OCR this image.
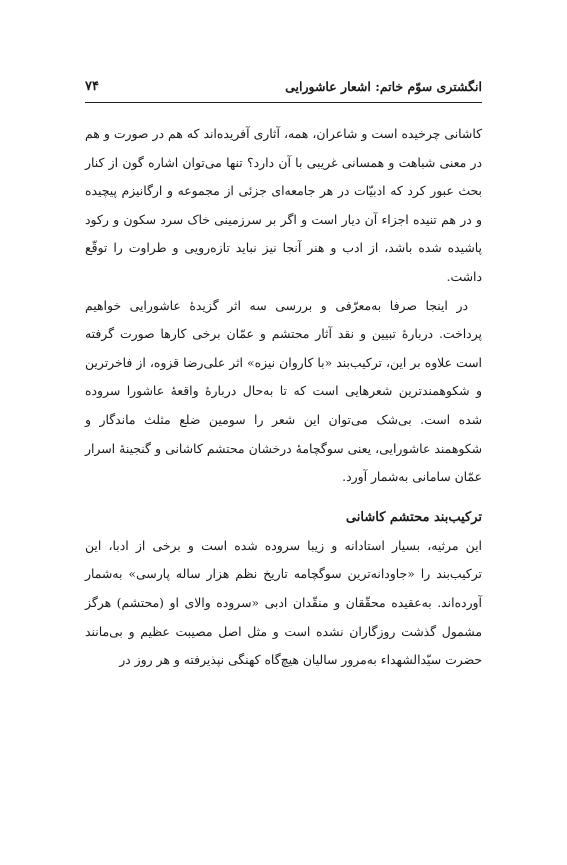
انگشتری سوّم خاتم: اشعار عاشورایی
۷۴

کاشانی چرخیده است و شاعران، همه، آثاری آفریده‌اند که هم در صورت و هم در معنی شباهت و همسانی غریبی با آن دارد؟ تنها می‌توان اشاره گون از کنار بحث عبور کرد که ادبیّات در هر جامعه‌ای جزئی از مجموعه و ارگانیزم پیچیده و در هم تنیده اجزاء آن دیار است و اگر بر سرزمینی خاک سرد سکون و رکود پاشیده شده باشد، از ادب و هنر آنجا نیز نباید تازه‌رویی و طراوت را توقّع داشت.

در اینجا صرفا به‌معرّفی و بررسی سه اثر گزیدهٔ عاشورایی خواهیم پرداخت. دربارهٔ تبیین و نقد آثار محتشم و عمّان برخی کارها صورت گرفته است علاوه بر این، ترکیب‌بند «با کاروان نیزه» اثر علی‌رضا قزوه، از فاخرترین و شکوهمندترین شعرهایی است که تا به‌حال دربارهٔ واقعهٔ عاشورا سروده شده است. بی‌شک می‌توان این شعر را سومین ضلع مثلث ماندگار و شکوهمند عاشورایی، یعنی سوگچامهٔ درخشان محتشم کاشانی و گنجینهٔ اسرار عمّان سامانی به‌شمار آورد.

ترکیب‌بند محتشم کاشانی

این مرثیه، بسیار استادانه و زیبا سروده شده است و برخی از ادبا، این ترکیب‌بند را «جاودانه‌ترین سوگچامه تاریخ نظم هزار ساله پارسی» به‌شمار آورده‌اند. به‌عقیده محقّقان و منقّدان ادبی «سروده والای او (محتشم) هرگز مشمول گذشت روزگاران نشده است و مثل اصل مصیبت عظیم و بی‌مانند حضرت سیّدالشهداء به‌مرور سالیان هیچ‌گاه کهنگی نپذیرفته و هر روز در
